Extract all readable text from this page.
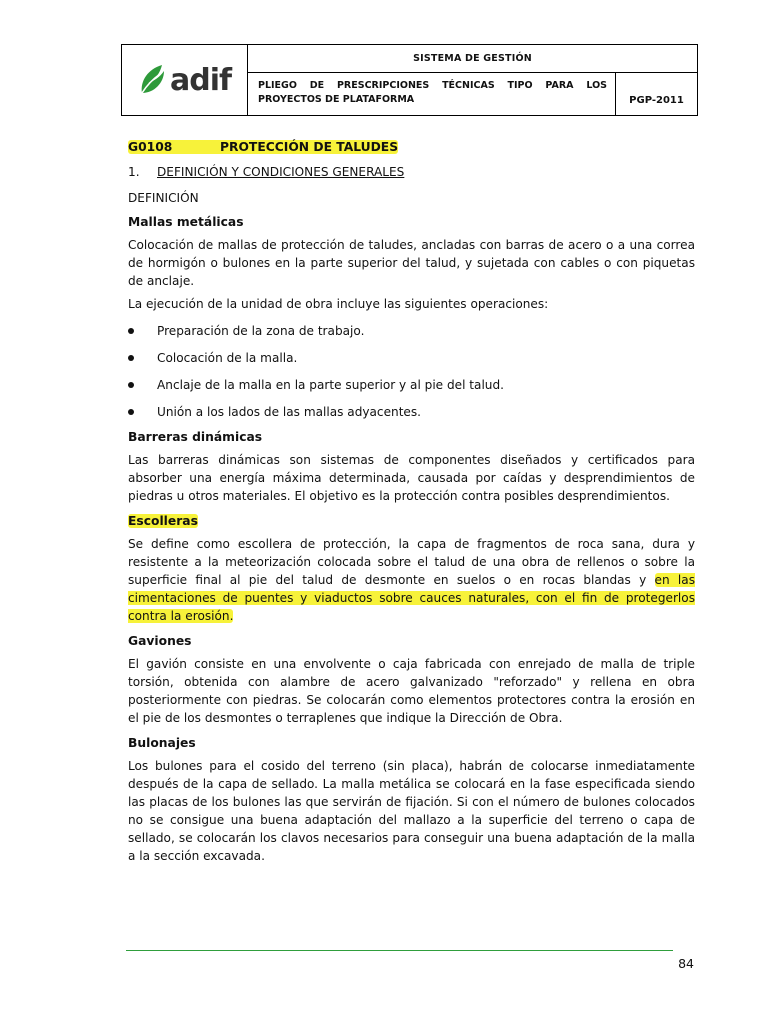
adif
SISTEMA DE GESTIÓN
PLIEGO DE PRESCRIPCIONES TÉCNICAS TIPO PARA LOS PROYECTOS DE PLATAFORMA	PGP-2011
G0108	PROTECCIÓN DE TALUDES
1. DEFINICIÓN Y CONDICIONES GENERALES
DEFINICIÓN
Mallas metálicas

Colocación de mallas de protección de taludes, ancladas con barras de acero o a una correa de hormigón o bulones en la parte superior del talud, y sujetada con cables o con piquetas de anclaje.

La ejecución de la unidad de obra incluye las siguientes operaciones:

Preparación de la zona de trabajo.
Colocación de la malla.
Anclaje de la malla en la parte superior y al pie del talud.
Unión a los lados de las mallas adyacentes.
Barreras dinámicas

Las barreras dinámicas son sistemas de componentes diseñados y certificados para absorber una energía máxima determinada, causada por caídas y desprendimientos de piedras u otros materiales. El objetivo es la protección contra posibles desprendimientos.

Escolleras

Se define como escollera de protección, la capa de fragmentos de roca sana, dura y resistente a la meteorización colocada sobre el talud de una obra de rellenos o sobre la superficie final al pie del talud de desmonte en suelos o en rocas blandas y en las cimentaciones de puentes y viaductos sobre cauces naturales, con el fin de protegerlos contra la erosión.

Gaviones

El gavión consiste en una envolvente o caja fabricada con enrejado de malla de triple torsión, obtenida con alambre de acero galvanizado "reforzado" y rellena en obra posteriormente con piedras. Se colocarán como elementos protectores contra la erosión en el pie de los desmontes o terraplenes que indique la Dirección de Obra.

Bulonajes

Los bulones para el cosido del terreno (sin placa), habrán de colocarse inmediatamente después de la capa de sellado. La malla metálica se colocará en la fase especificada siendo las placas de los bulones las que servirán de fijación. Si con el número de bulones colocados no se consigue una buena adaptación del mallazo a la superficie del terreno o capa de sellado, se colocarán los clavos necesarios para conseguir una buena adaptación de la malla a la sección excavada.

84
